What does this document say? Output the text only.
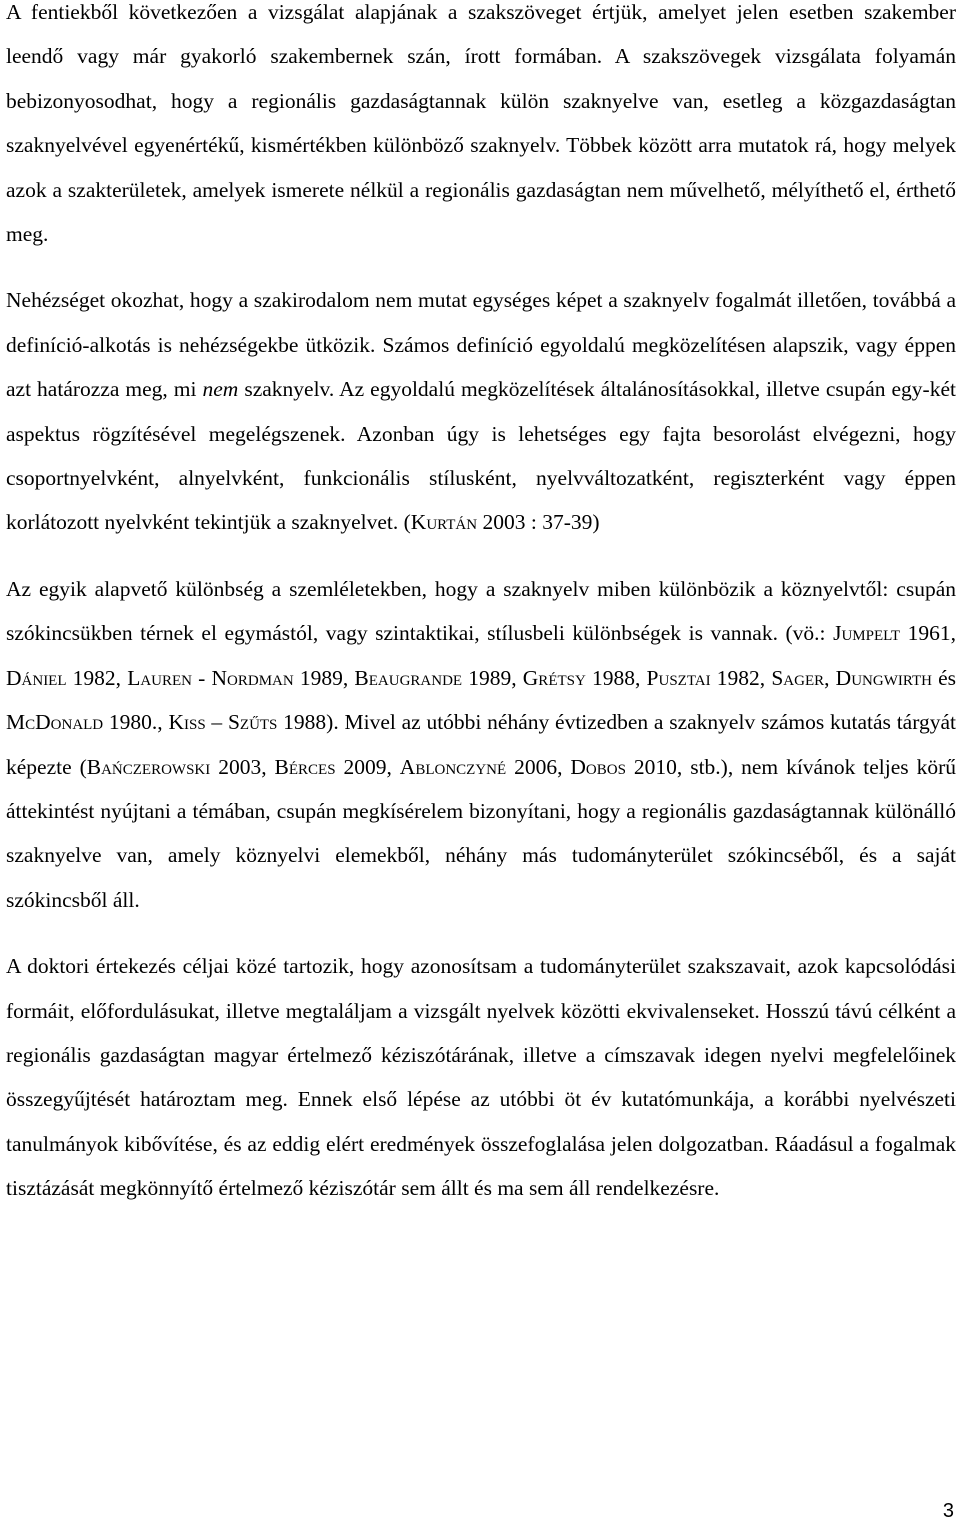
A fentiekből következően a vizsgálat alapjának a szakszöveget értjük, amelyet jelen esetben szakember leendő vagy már gyakorló szakembernek szán, írott formában. A szakszövegek vizsgálata folyamán bebizonyosodhat, hogy a regionális gazdaságtannak külön szaknyelve van, esetleg a közgazdaságtan szaknyelvével egyenértékű, kismértékben különböző szaknyelv. Többek között arra mutatok rá, hogy melyek azok a szakterületek, amelyek ismerete nélkül a regionális gazdaságtan nem művelhető, mélyíthető el, érthető meg.

Nehézséget okozhat, hogy a szakirodalom nem mutat egységes képet a szaknyelv fogalmát illetően, továbbá a definíció-alkotás is nehézségekbe ütközik. Számos definíció egyoldalú megközelítésen alapszik, vagy éppen azt határozza meg, mi nem szaknyelv. Az egyoldalú megközelítések általánosításokkal, illetve csupán egy-két aspektus rögzítésével megelégszenek. Azonban úgy is lehetséges egy fajta besorolást elvégezni, hogy csoportnyelvként, alnyelvként, funkcionális stílusként, nyelvváltozatként, regiszterként vagy éppen korlátozott nyelvként tekintjük a szaknyelvet. (Kurtán 2003 : 37-39)

Az egyik alapvető különbség a szemléletekben, hogy a szaknyelv miben különbözik a köznyelvtől: csupán szókincsükben térnek el egymástól, vagy szintaktikai, stílusbeli különbségek is vannak. (vö.: Jumpelt 1961, Dániel 1982, Lauren - Nordman 1989, Beaugrande 1989, Grétsy 1988, Pusztai 1982, Sager, Dungwirth és McDonald 1980., Kiss – Szűts 1988). Mivel az utóbbi néhány évtizedben a szaknyelv számos kutatás tárgyát képezte (Bańczerowski 2003, Bérces 2009, Ablonczyné 2006, Dobos 2010, stb.), nem kívánok teljes körű áttekintést nyújtani a témában, csupán megkísérelem bizonyítani, hogy a regionális gazdaságtannak különálló szaknyelve van, amely köznyelvi elemekből, néhány más tudományterület szókincséből, és a saját szókincsből áll.

A doktori értekezés céljai közé tartozik, hogy azonosítsam a tudományterület szakszavait, azok kapcsolódási formáit, előfordulásukat, illetve megtaláljam a vizsgált nyelvek közötti ekvivalenseket. Hosszú távú célként a regionális gazdaságtan magyar értelmező kéziszótárának, illetve a címszavak idegen nyelvi megfelelőinek összegyűjtését határoztam meg. Ennek első lépése az utóbbi öt év kutatómunkája, a korábbi nyelvészeti tanulmányok kibővítése, és az eddig elért eredmények összefoglalása jelen dolgozatban. Ráadásul a fogalmak tisztázását megkönnyítő értelmező kéziszótár sem állt és ma sem áll rendelkezésre.

3
